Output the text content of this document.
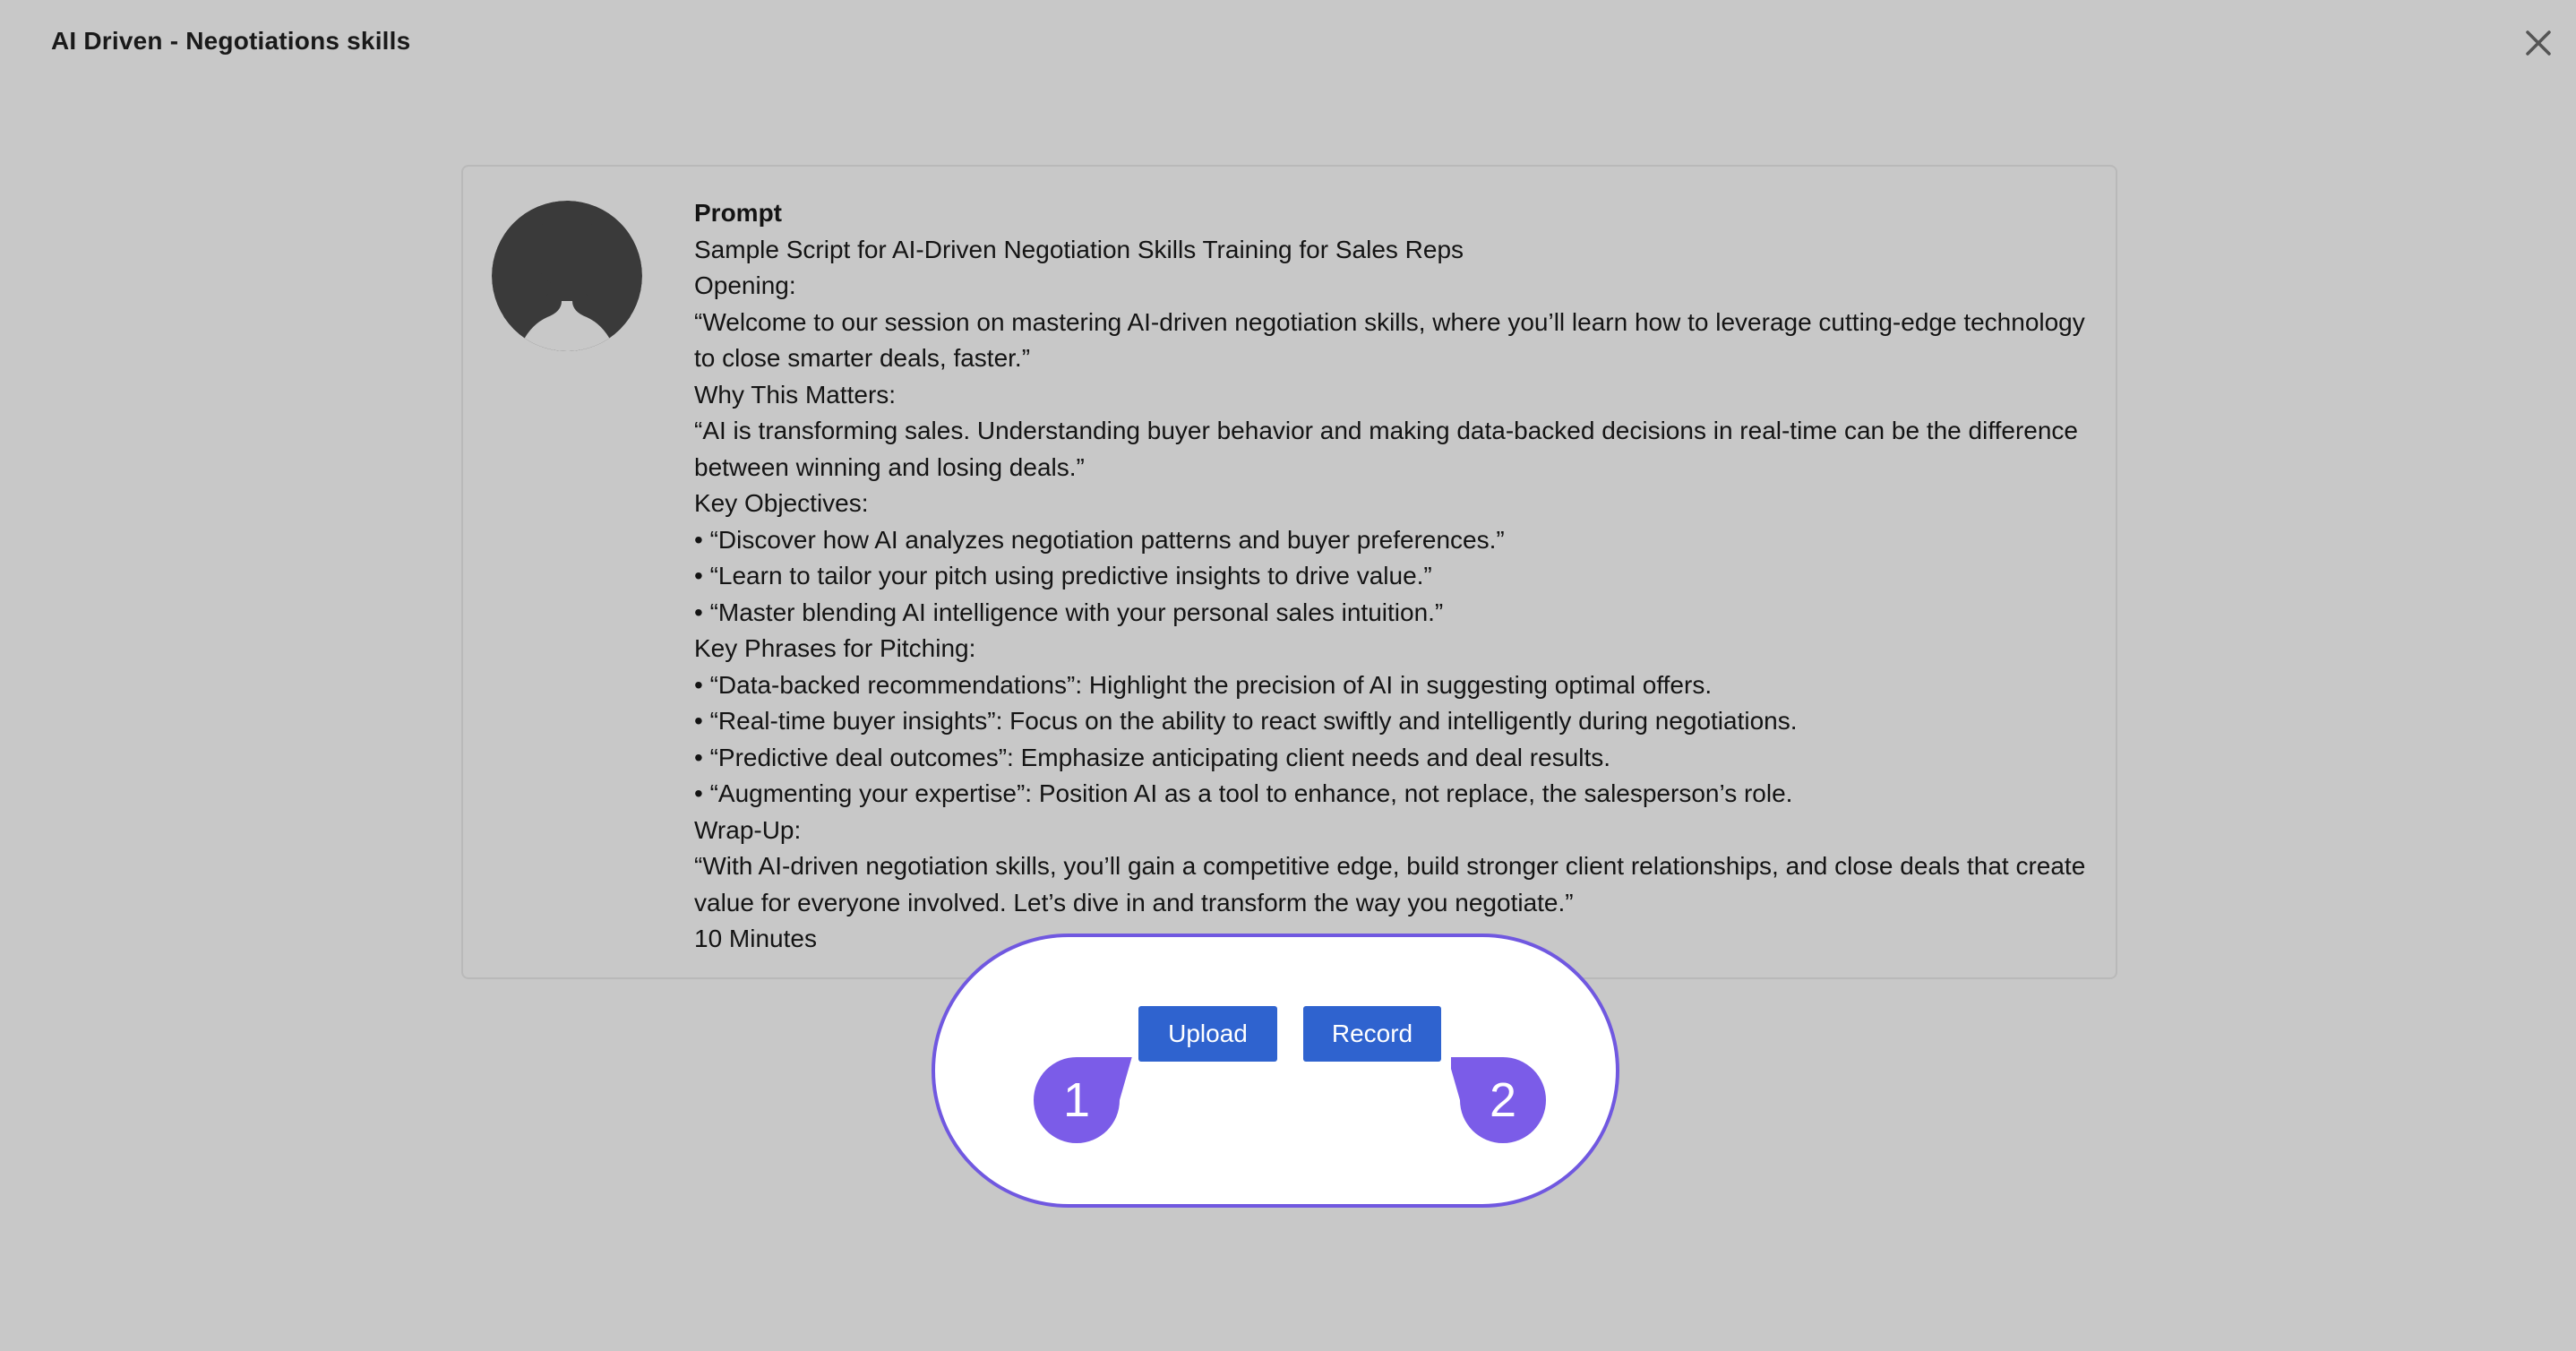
AI Driven - Negotiations skills
Prompt
Sample Script for AI-Driven Negotiation Skills Training for Sales Reps
Opening:
“Welcome to our session on mastering AI-driven negotiation skills, where you’ll learn how to leverage cutting-edge technology to close smarter deals, faster.”
Why This Matters:
“AI is transforming sales. Understanding buyer behavior and making data-backed decisions in real-time can be the difference between winning and losing deals.”
Key Objectives:
• “Discover how AI analyzes negotiation patterns and buyer preferences.”
• “Learn to tailor your pitch using predictive insights to drive value.”
• “Master blending AI intelligence with your personal sales intuition.”
Key Phrases for Pitching:
• “Data-backed recommendations”: Highlight the precision of AI in suggesting optimal offers.
• “Real-time buyer insights”: Focus on the ability to react swiftly and intelligently during negotiations.
• “Predictive deal outcomes”: Emphasize anticipating client needs and deal results.
• “Augmenting your expertise”: Position AI as a tool to enhance, not replace, the salesperson’s role.
Wrap-Up:
“With AI-driven negotiation skills, you’ll gain a competitive edge, build stronger client relationships, and close deals that create value for everyone involved. Let’s dive in and transform the way you negotiate.”
10 Minutes
Upload	Record
1	2
